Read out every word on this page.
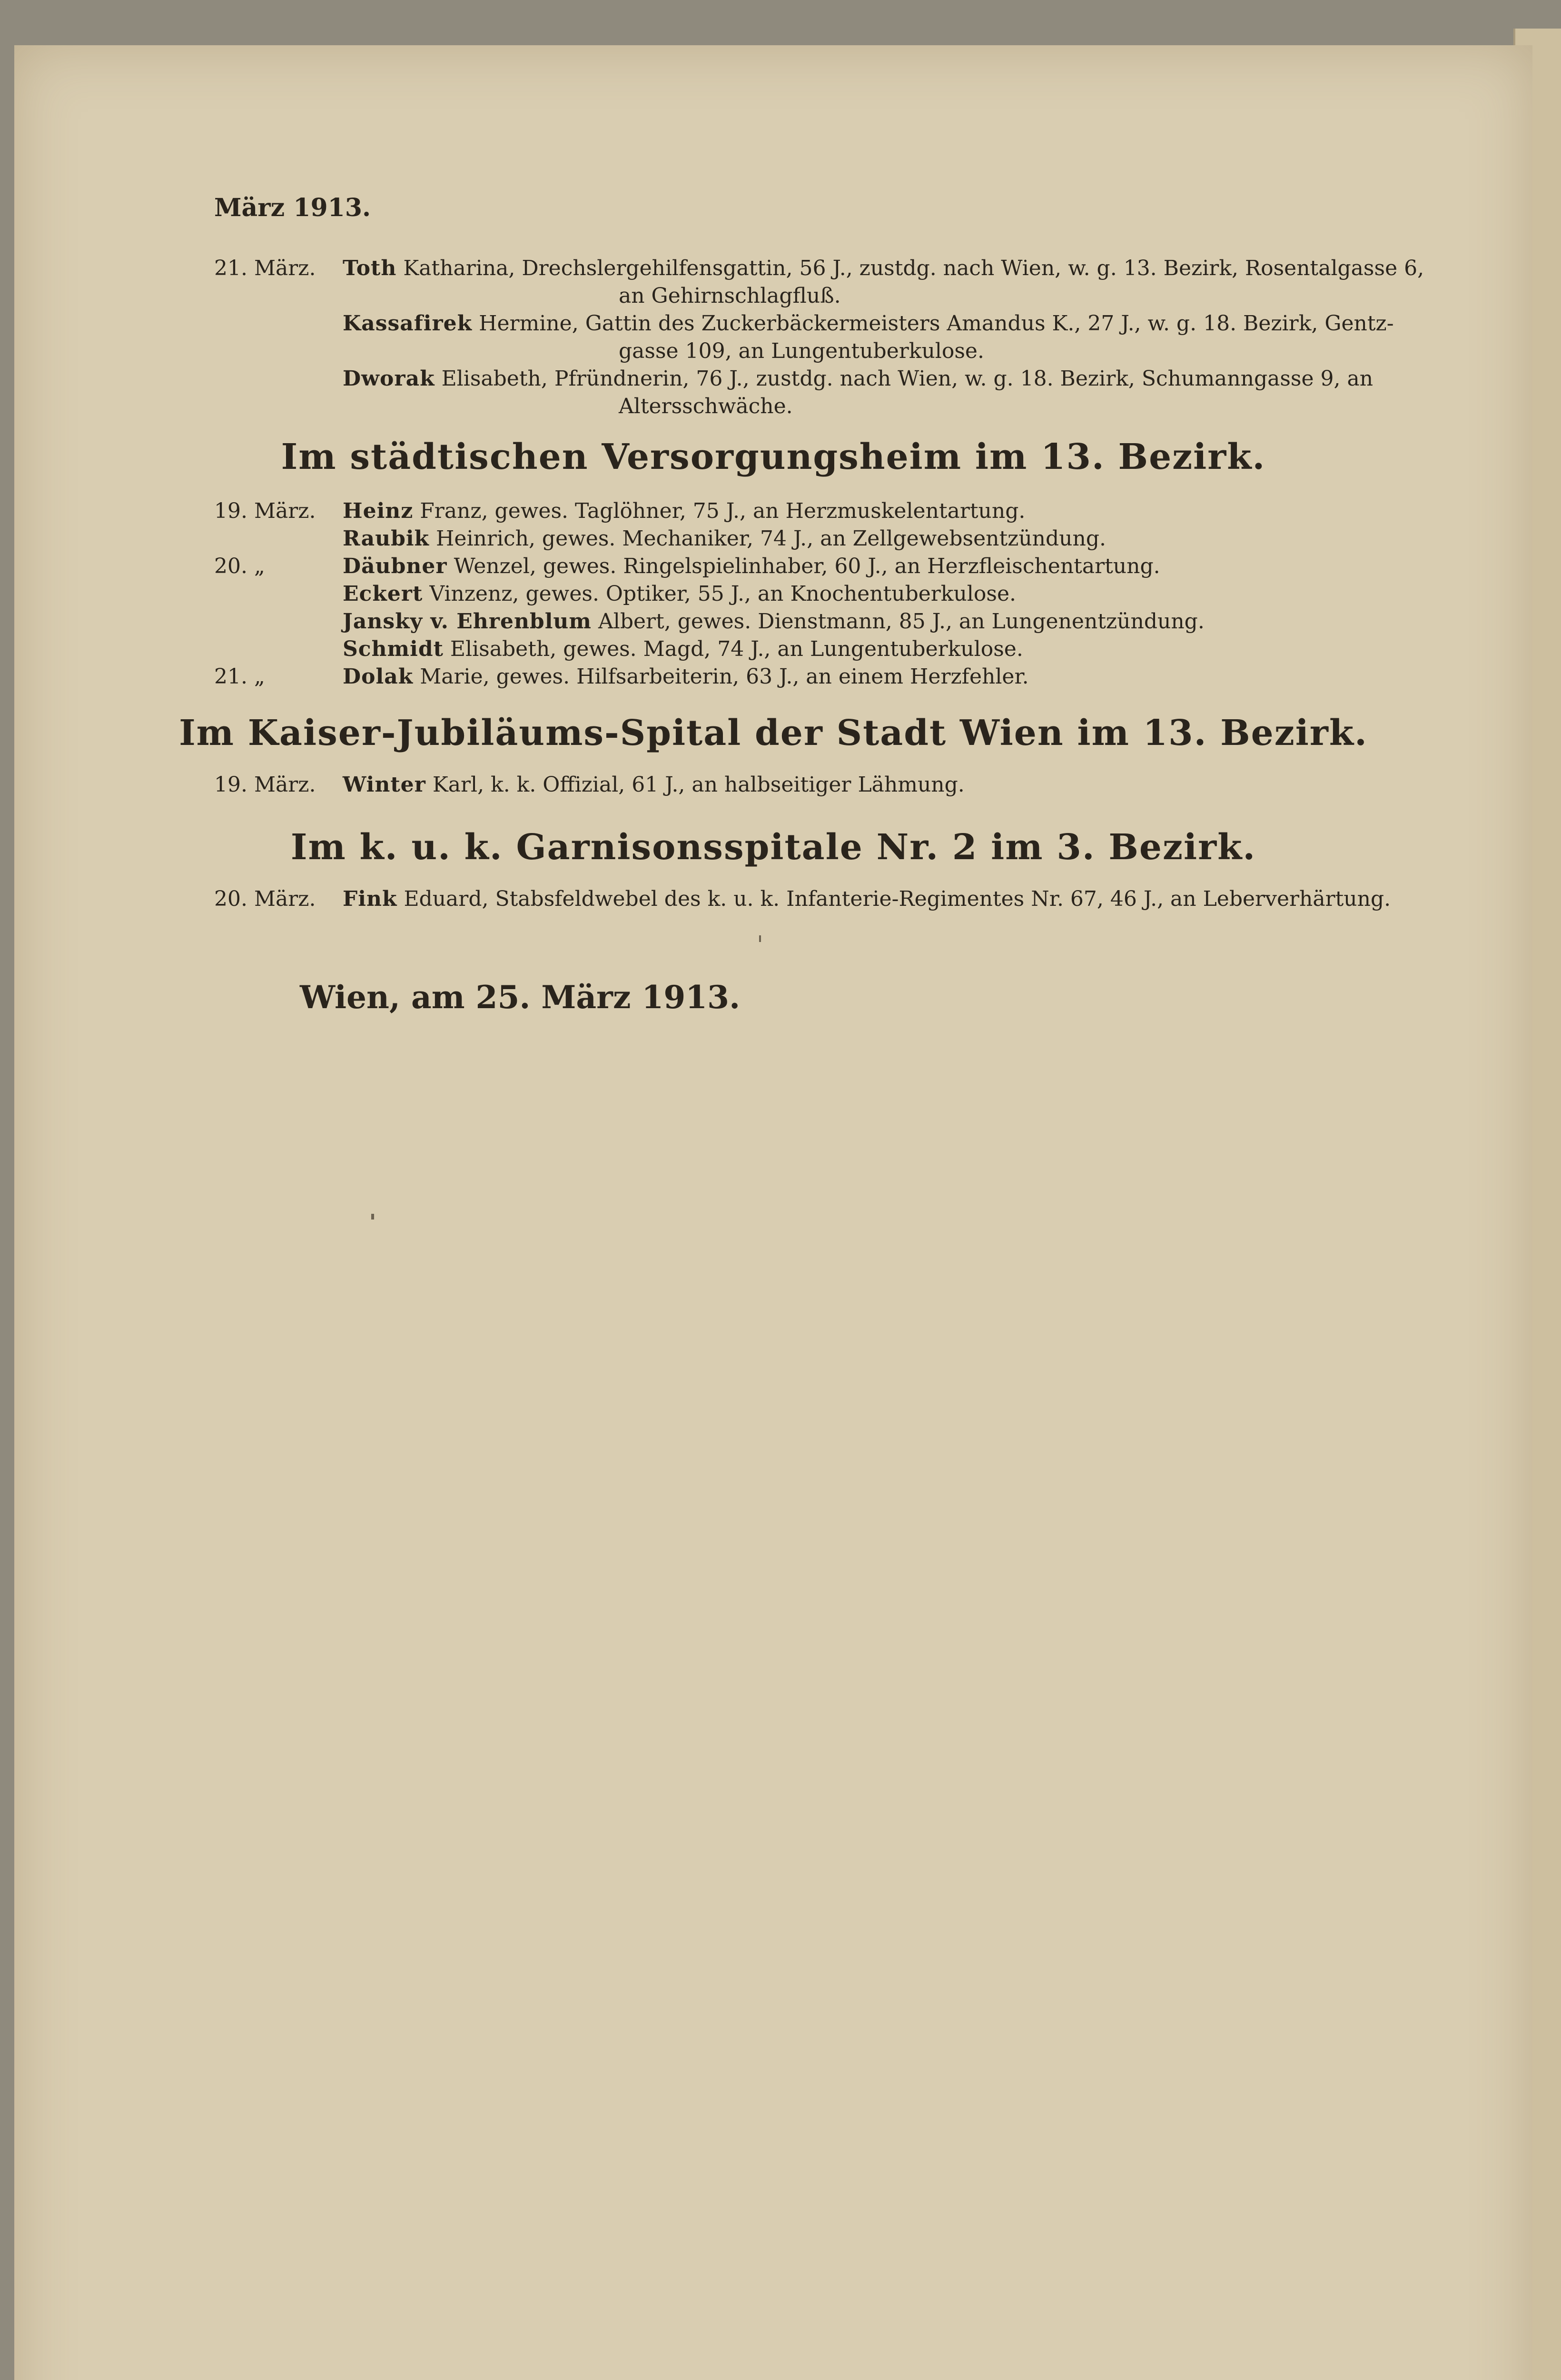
März 1913.
21. März. Toth Katharina, Drechslergehilfensgattin, 56 J., zustdg. nach Wien, w. g. 13. Bezirk, Rosentalgasse 6,
an Gehirnschlagfluß.
Kassafirek Hermine, Gattin des Zuckerbäckermeisters Amandus K., 27 J., w. g. 18. Bezirk, Gentz-
gasse 109, an Lungentuberkulose.
Dworak Elisabeth, Pfründnerin, 76 J., zustdg. nach Wien, w. g. 18. Bezirk, Schumanngasse 9, an
Altersschwäche.
Im städtischen Versorgungsheim im 13. Bezirk.
19. März. Heinz Franz, gewes. Taglöhner, 75 J., an Herzmuskelentartung.
Raubik Heinrich, gewes. Mechaniker, 74 J., an Zellgewebsentzündung.
20. „	Däubner Wenzel, gewes. Ringelspielinhaber, 60 J., an Herzfleischentartung.
Eckert Vinzenz, gewes. Optiker, 55 J., an Knochentuberkulose.
Jansky v. Ehrenblum Albert, gewes. Dienstmann, 85 J., an Lungenentzündung.
Schmidt Elisabeth, gewes. Magd, 74 J., an Lungentuberkulose.
21. „	Dolak Marie, gewes. Hilfsarbeiterin, 63 J., an einem Herzfehler.
Im Kaiser-Jubiläums-Spital der Stadt Wien im 13. Bezirk.
19. März. Winter Karl, k. k. Offizial, 61 J., an halbseitiger Lähmung.
Im k. u. k. Garnisonsspitale Nr. 2 im 3. Bezirk.
20. März. Fink Eduard, Stabsfeldwebel des k. u. k. Infanterie-Regimentes Nr. 67, 46 J., an Leberverhärtung.
Wien, am 25. März 1913.
